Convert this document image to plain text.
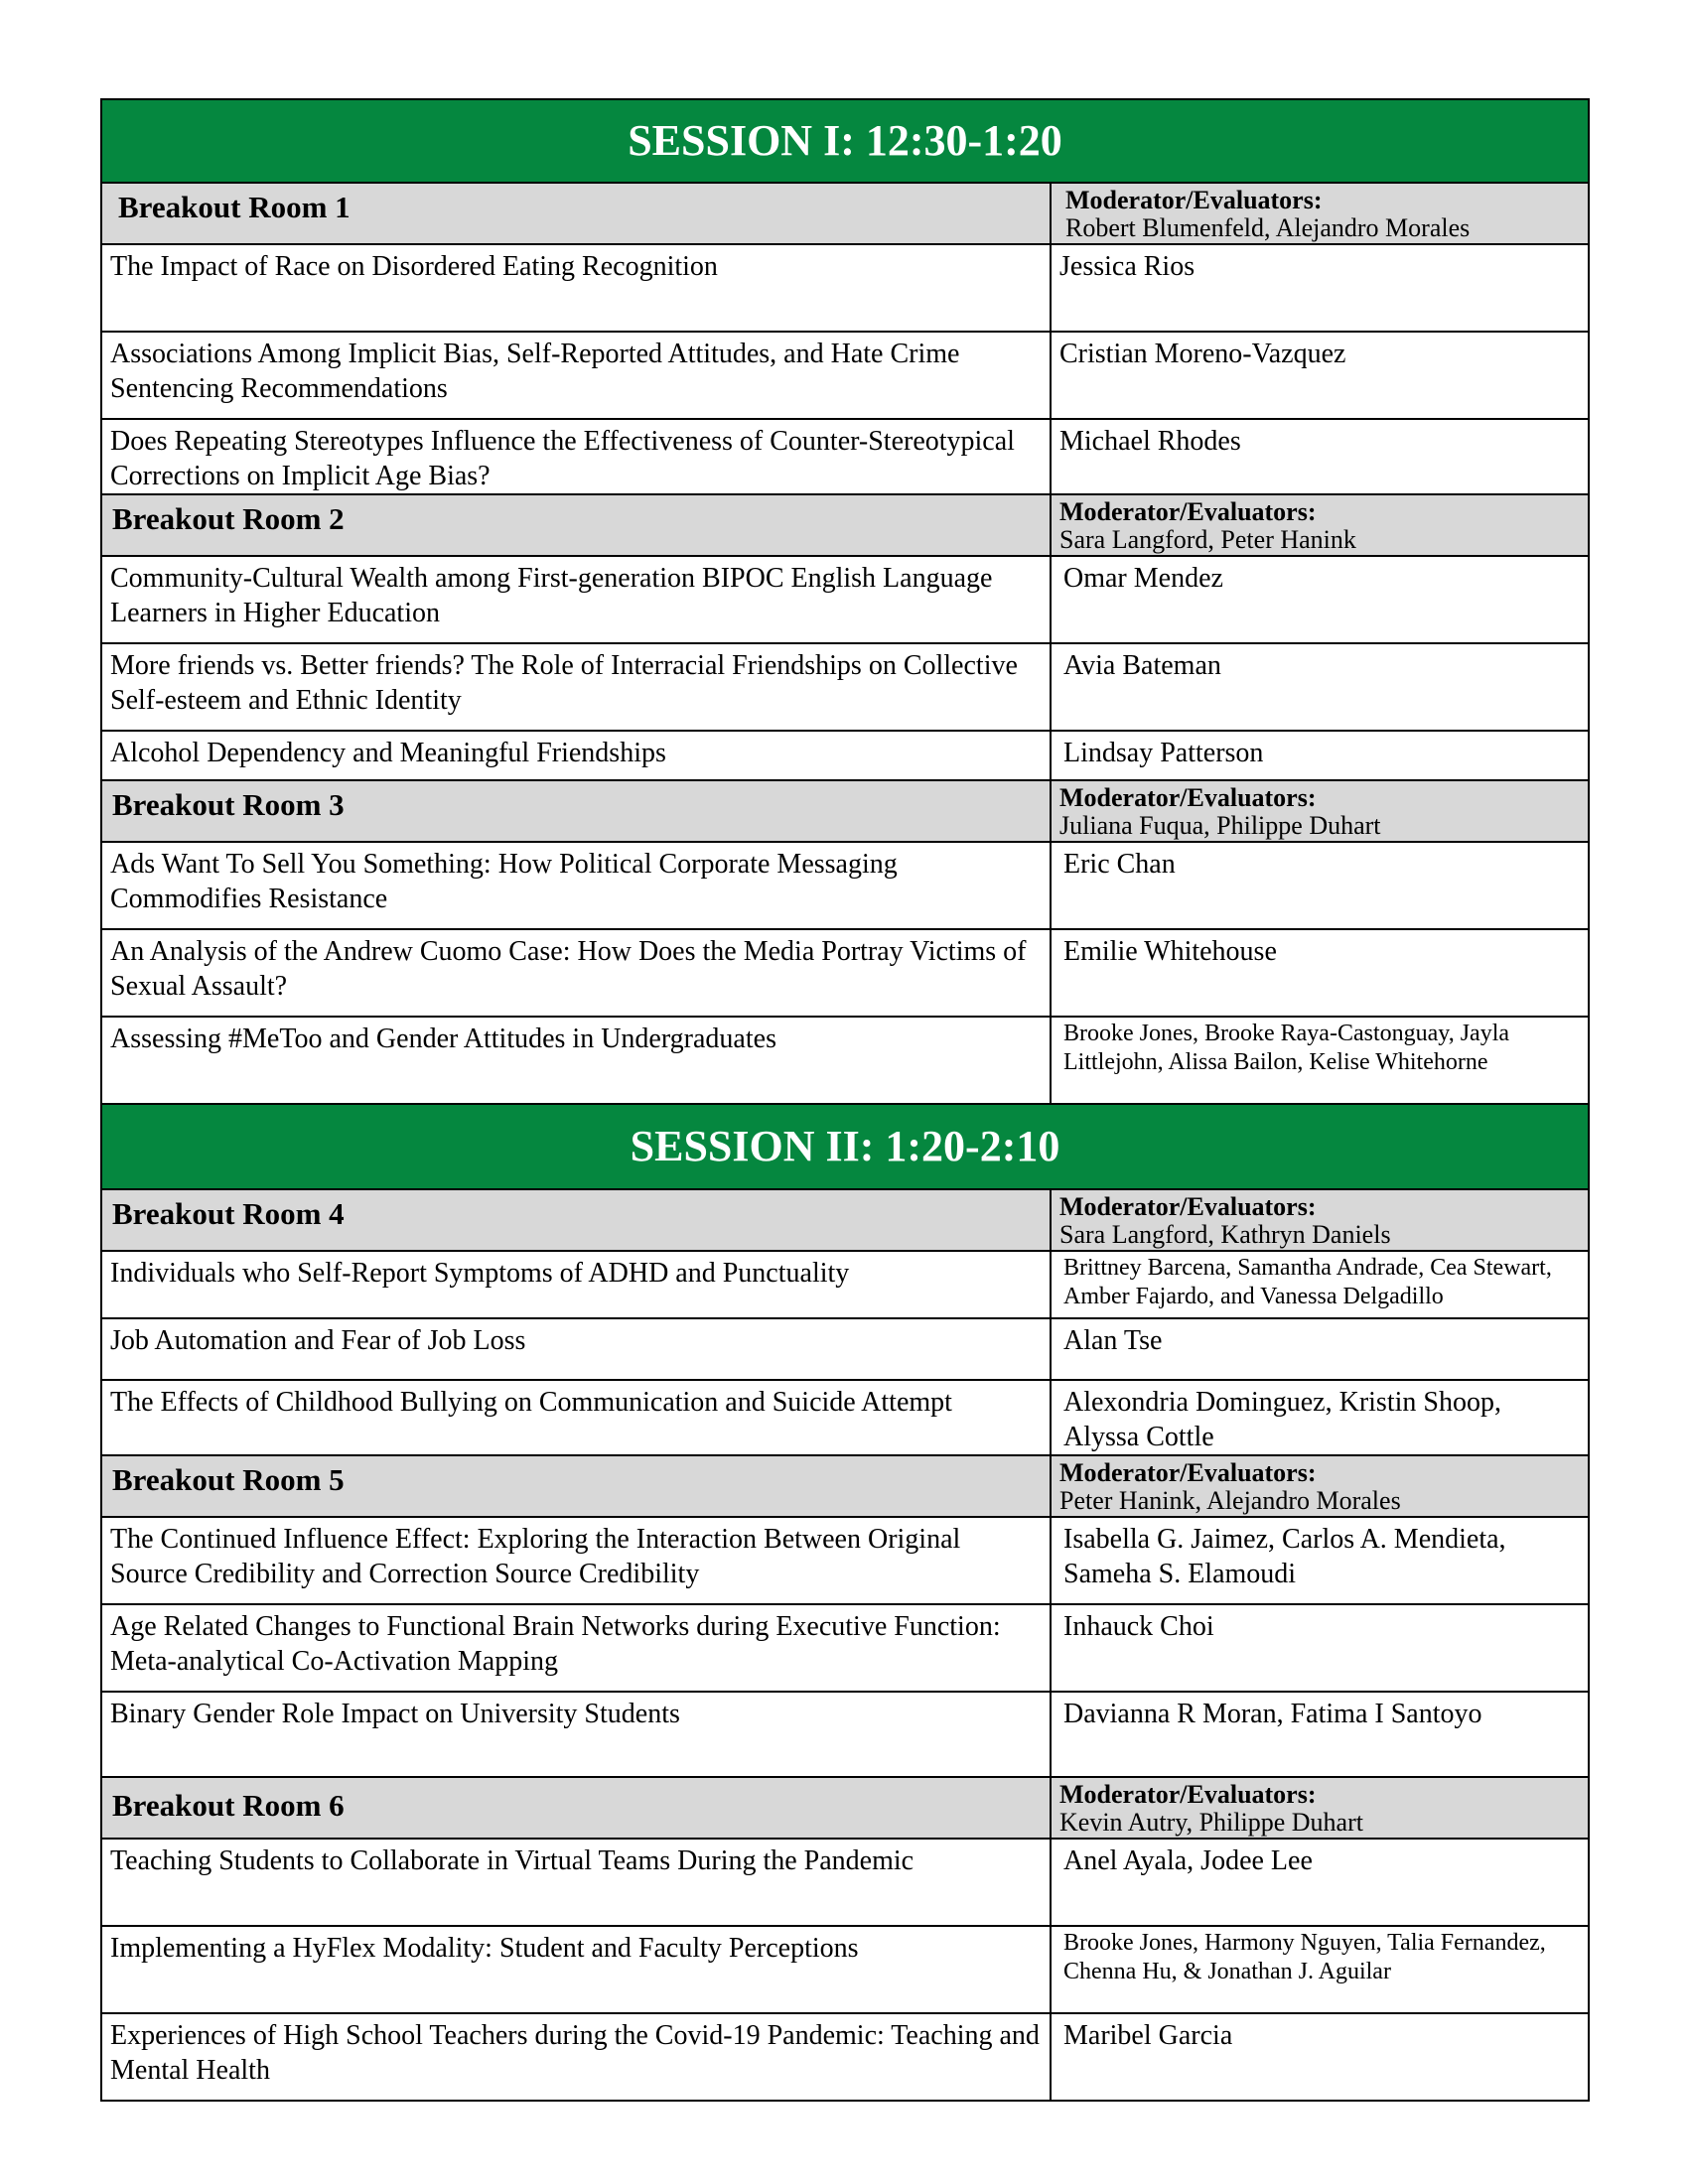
SESSION I: 12:30-1:20	

Breakout Room 1	Moderator/Evaluators:
Robert Blumenfeld, Alejandro Morales

The Impact of Race on Disordered Eating Recognition	Jessica Rios

Associations Among Implicit Bias, Self-Reported Attitudes, and Hate Crime Sentencing Recommendations	Cristian Moreno-Vazquez

Does Repeating Stereotypes Influence the Effectiveness of Counter-Stereotypical Corrections on Implicit Age Bias?	Michael Rhodes

Breakout Room 2	Moderator/Evaluators:
Sara Langford, Peter Hanink

Community-Cultural Wealth among First-generation BIPOC English Language Learners in Higher Education	Omar Mendez

More friends vs. Better friends? The Role of Interracial Friendships on Collective Self-esteem and Ethnic Identity	Avia Bateman

Alcohol Dependency and Meaningful Friendships	Lindsay Patterson

Breakout Room 3	Moderator/Evaluators:
Juliana Fuqua, Philippe Duhart

Ads Want To Sell You Something: How Political Corporate Messaging Commodifies Resistance	Eric Chan

An Analysis of the Andrew Cuomo Case: How Does the Media Portray Victims of Sexual Assault?	Emilie Whitehouse

Assessing #MeToo and Gender Attitudes in Undergraduates	Brooke Jones, Brooke Raya-Castonguay, Jayla Littlejohn, Alissa Bailon, Kelise Whitehorne

SESSION II: 1:20-2:10	

Breakout Room 4	Moderator/Evaluators:
Sara Langford, Kathryn Daniels

Individuals who Self-Report Symptoms of ADHD and Punctuality	Brittney Barcena, Samantha Andrade, Cea Stewart, Amber Fajardo, and Vanessa Delgadillo

Job Automation and Fear of Job Loss	Alan Tse

The Effects of Childhood Bullying on Communication and Suicide Attempt	Alexondria Dominguez, Kristin Shoop, Alyssa Cottle

Breakout Room 5	Moderator/Evaluators:
Peter Hanink, Alejandro Morales

The Continued Influence Effect: Exploring the Interaction Between Original Source Credibility and Correction Source Credibility	Isabella G. Jaimez, Carlos A. Mendieta, Sameha S. Elamoudi

Age Related Changes to Functional Brain Networks during Executive Function: Meta-analytical Co-Activation Mapping	Inhauck Choi

Binary Gender Role Impact on University Students	Davianna R Moran, Fatima I Santoyo

Breakout Room 6	Moderator/Evaluators:
Kevin Autry, Philippe Duhart

Teaching Students to Collaborate in Virtual Teams During the Pandemic	Anel Ayala, Jodee Lee

Implementing a HyFlex Modality: Student and Faculty Perceptions	Brooke Jones, Harmony Nguyen, Talia Fernandez, Chenna Hu, & Jonathan J. Aguilar

Experiences of High School Teachers during the Covid-19 Pandemic: Teaching and Mental Health	Maribel Garcia
